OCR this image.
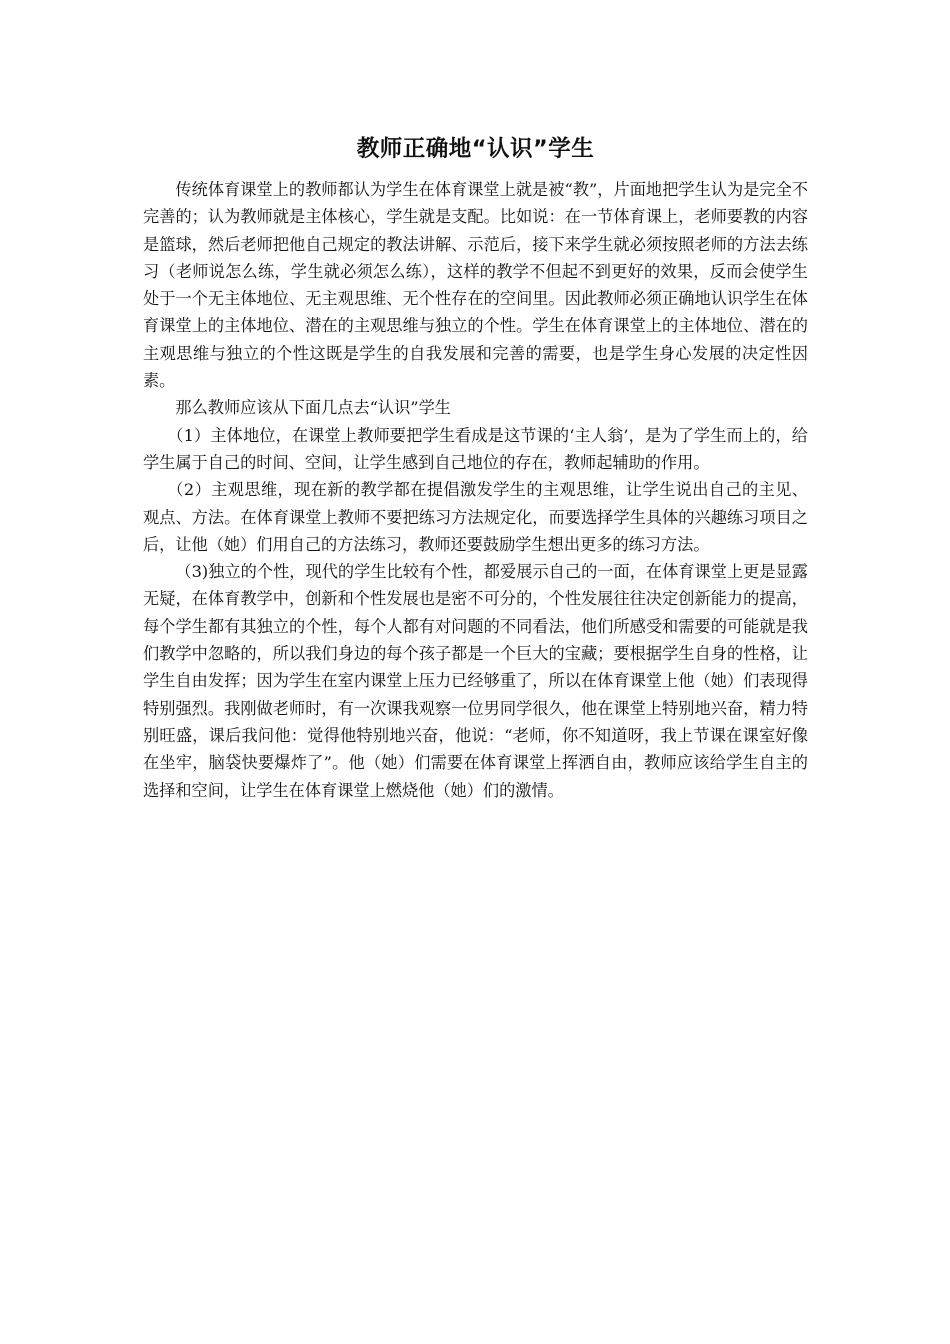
教师正确地“认识”学生

传统体育课堂上的教师都认为学生在体育课堂上就是被“教”，片面地把学生认为是完全不完善的；认为教师就是主体核心，学生就是支配。比如说：在一节体育课上，老师要教的内容是篮球，然后老师把他自己规定的教法讲解、示范后，接下来学生就必须按照老师的方法去练习（老师说怎么练，学生就必须怎么练），这样的教学不但起不到更好的效果，反而会使学生处于一个无主体地位、无主观思维、无个性存在的空间里。因此教师必须正确地认识学生在体育课堂上的主体地位、潜在的主观思维与独立的个性。学生在体育课堂上的主体地位、潜在的主观思维与独立的个性这既是学生的自我发展和完善的需要，也是学生身心发展的决定性因素。

那么教师应该从下面几点去“认识”学生

（1）主体地位，在课堂上教师要把学生看成是这节课的‘主人翁’，是为了学生而上的，给学生属于自己的时间、空间，让学生感到自己地位的存在，教师起辅助的作用。

（2）主观思维，现在新的教学都在提倡激发学生的主观思维，让学生说出自己的主见、观点、方法。在体育课堂上教师不要把练习方法规定化，而要选择学生具体的兴趣练习项目之后，让他（她）们用自己的方法练习，教师还要鼓励学生想出更多的练习方法。

（3)独立的个性，现代的学生比较有个性，都爱展示自己的一面，在体育课堂上更是显露无疑，在体育教学中，创新和个性发展也是密不可分的，个性发展往往决定创新能力的提高，每个学生都有其独立的个性，每个人都有对问题的不同看法，他们所感受和需要的可能就是我们教学中忽略的，所以我们身边的每个孩子都是一个巨大的宝藏；要根据学生自身的性格，让学生自由发挥；因为学生在室内课堂上压力已经够重了，所以在体育课堂上他（她）们表现得特别强烈。我刚做老师时，有一次课我观察一位男同学很久，他在课堂上特别地兴奋，精力特别旺盛，课后我问他：觉得他特别地兴奋，他说：“老师，你不知道呀，我上节课在课室好像在坐牢，脑袋快要爆炸了”。他（她）们需要在体育课堂上挥洒自由，教师应该给学生自主的选择和空间，让学生在体育课堂上燃烧他（她）们的激情。
